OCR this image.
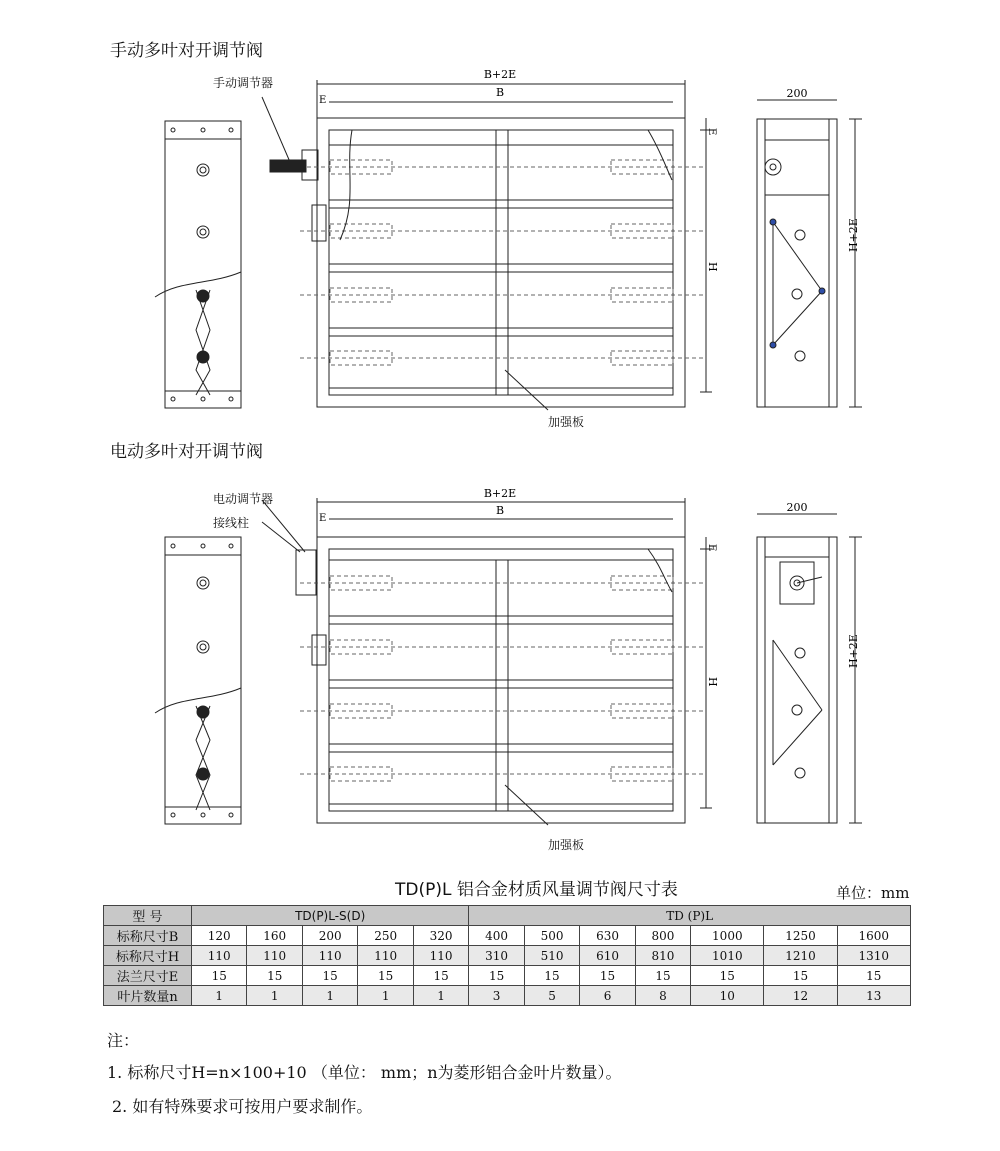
手动多叶对开调节阀
手动调节器
加强板
B+2E
B
E
E
H
200
H+2E
电动多叶对开调节阀
电动调节器
接线柱
加强板
B+2E
B
E
E
H
200
H+2E
TD(P)L 铝合金材质风量调节阀尺寸表	单位：mm
型 号	TD(P)L-S(D)					TD (P)L						
标称尺寸B	120	160	200	250	320	400	500	630	800	1000	1250	1600
标称尺寸H	110	110	110	110	110	310	510	610	810	1010	1210	1310
法兰尺寸E	15	15	15	15	15	15	15	15	15	15	15	15
叶片数量n	1	1	1	1	1	3	5	6	8	10	12	13
注：
1. 标称尺寸H=n×100+10 （单位： mm；n为菱形铝合金叶片数量）。
2. 如有特殊要求可按用户要求制作。
